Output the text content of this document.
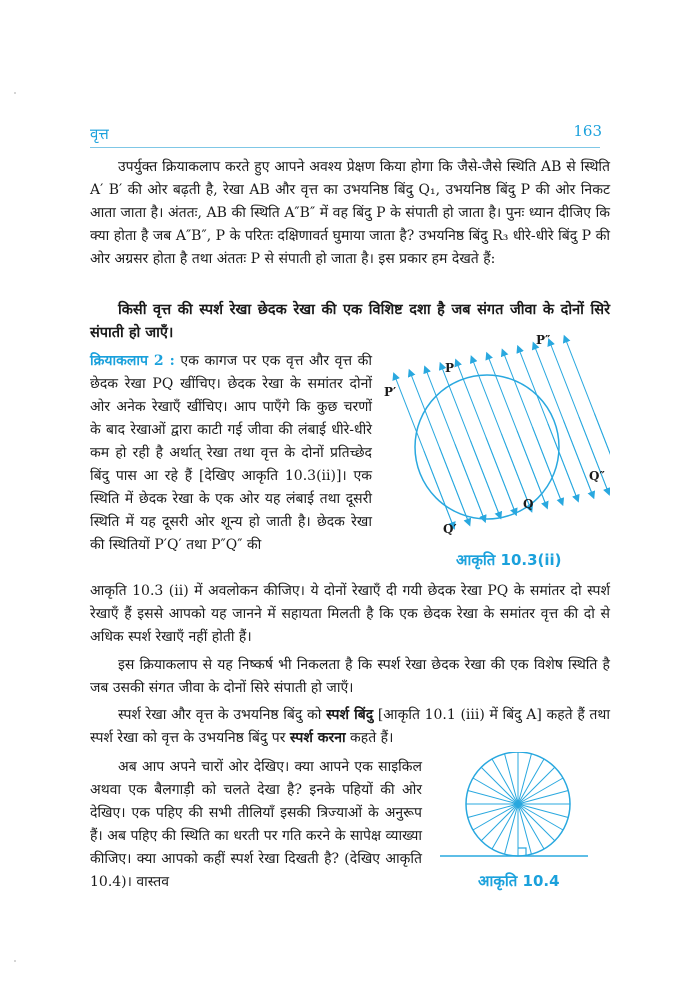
वृत्त	163

उपर्युक्त क्रियाकलाप करते हुए आपने अवश्य प्रेक्षण किया होगा कि जैसे-जैसे स्थिति AB से स्थिति A′ B′ की ओर बढ़ती है, रेखा AB और वृत्त का उभयनिष्ठ बिंदु Q₁, उभयनिष्ठ बिंदु P की ओर निकट आता जाता है। अंततः, AB की स्थिति A″B″ में वह बिंदु P के संपाती हो जाता है। पुनः ध्यान दीजिए कि क्या होता है जब A″B″, P के परितः दक्षिणावर्त घुमाया जाता है? उभयनिष्ठ बिंदु R₃ धीरे-धीरे बिंदु P की ओर अग्रसर होता है तथा अंततः P से संपाती हो जाता है। इस प्रकार हम देखते हैं:

किसी वृत्त की स्पर्श रेखा छेदक रेखा की एक विशिष्ट दशा है जब संगत जीवा के दोनों सिरे संपाती हो जाएँ।

क्रियाकलाप 2 : एक कागज पर एक वृत्त और वृत्त की छेदक रेखा PQ खींचिए। छेदक रेखा के समांतर दोनों ओर अनेक रेखाएँ खींचिए। आप पाएँगे कि कुछ चरणों के बाद रेखाओं द्वारा काटी गई जीवा की लंबाई धीरे-धीरे कम हो रही है अर्थात् रेखा तथा वृत्त के दोनों प्रतिच्छेद बिंदु पास आ रहे हैं [देखिए आकृति 10.3(ii)]। एक स्थिति में छेदक रेखा के एक ओर यह लंबाई तथा दूसरी स्थिति में यह दूसरी ओर शून्य हो जाती है। छेदक रेखा की स्थितियों P′Q′ तथा P″Q″ की

P″
P
P′
Q″
Q
Q′
आकृति 10.3(ii)

आकृति 10.3 (ii) में अवलोकन कीजिए। ये दोनों रेखाएँ दी गयी छेदक रेखा PQ के समांतर दो स्पर्श रेखाएँ हैं इससे आपको यह जानने में सहायता मिलती है कि एक छेदक रेखा के समांतर वृत्त की दो से अधिक स्पर्श रेखाएँ नहीं होती हैं।

इस क्रियाकलाप से यह निष्कर्ष भी निकलता है कि स्पर्श रेखा छेदक रेखा की एक विशेष स्थिति है जब उसकी संगत जीवा के दोनों सिरे संपाती हो जाएँ।

स्पर्श रेखा और वृत्त के उभयनिष्ठ बिंदु को स्पर्श बिंदु [आकृति 10.1 (iii) में बिंदु A] कहते हैं तथा स्पर्श रेखा को वृत्त के उभयनिष्ठ बिंदु पर स्पर्श करना कहते हैं।

अब आप अपने चारों ओर देखिए। क्या आपने एक साइकिल अथवा एक बैलगाड़ी को चलते देखा है? इनके पहियों की ओर देखिए। एक पहिए की सभी तीलियाँ इसकी त्रिज्याओं के अनुरूप हैं। अब पहिए की स्थिति का धरती पर गति करने के सापेक्ष व्याख्या कीजिए। क्या आपको कहीं स्पर्श रेखा दिखती है? (देखिए आकृति 10.4)। वास्तव	आकृति 10.4
